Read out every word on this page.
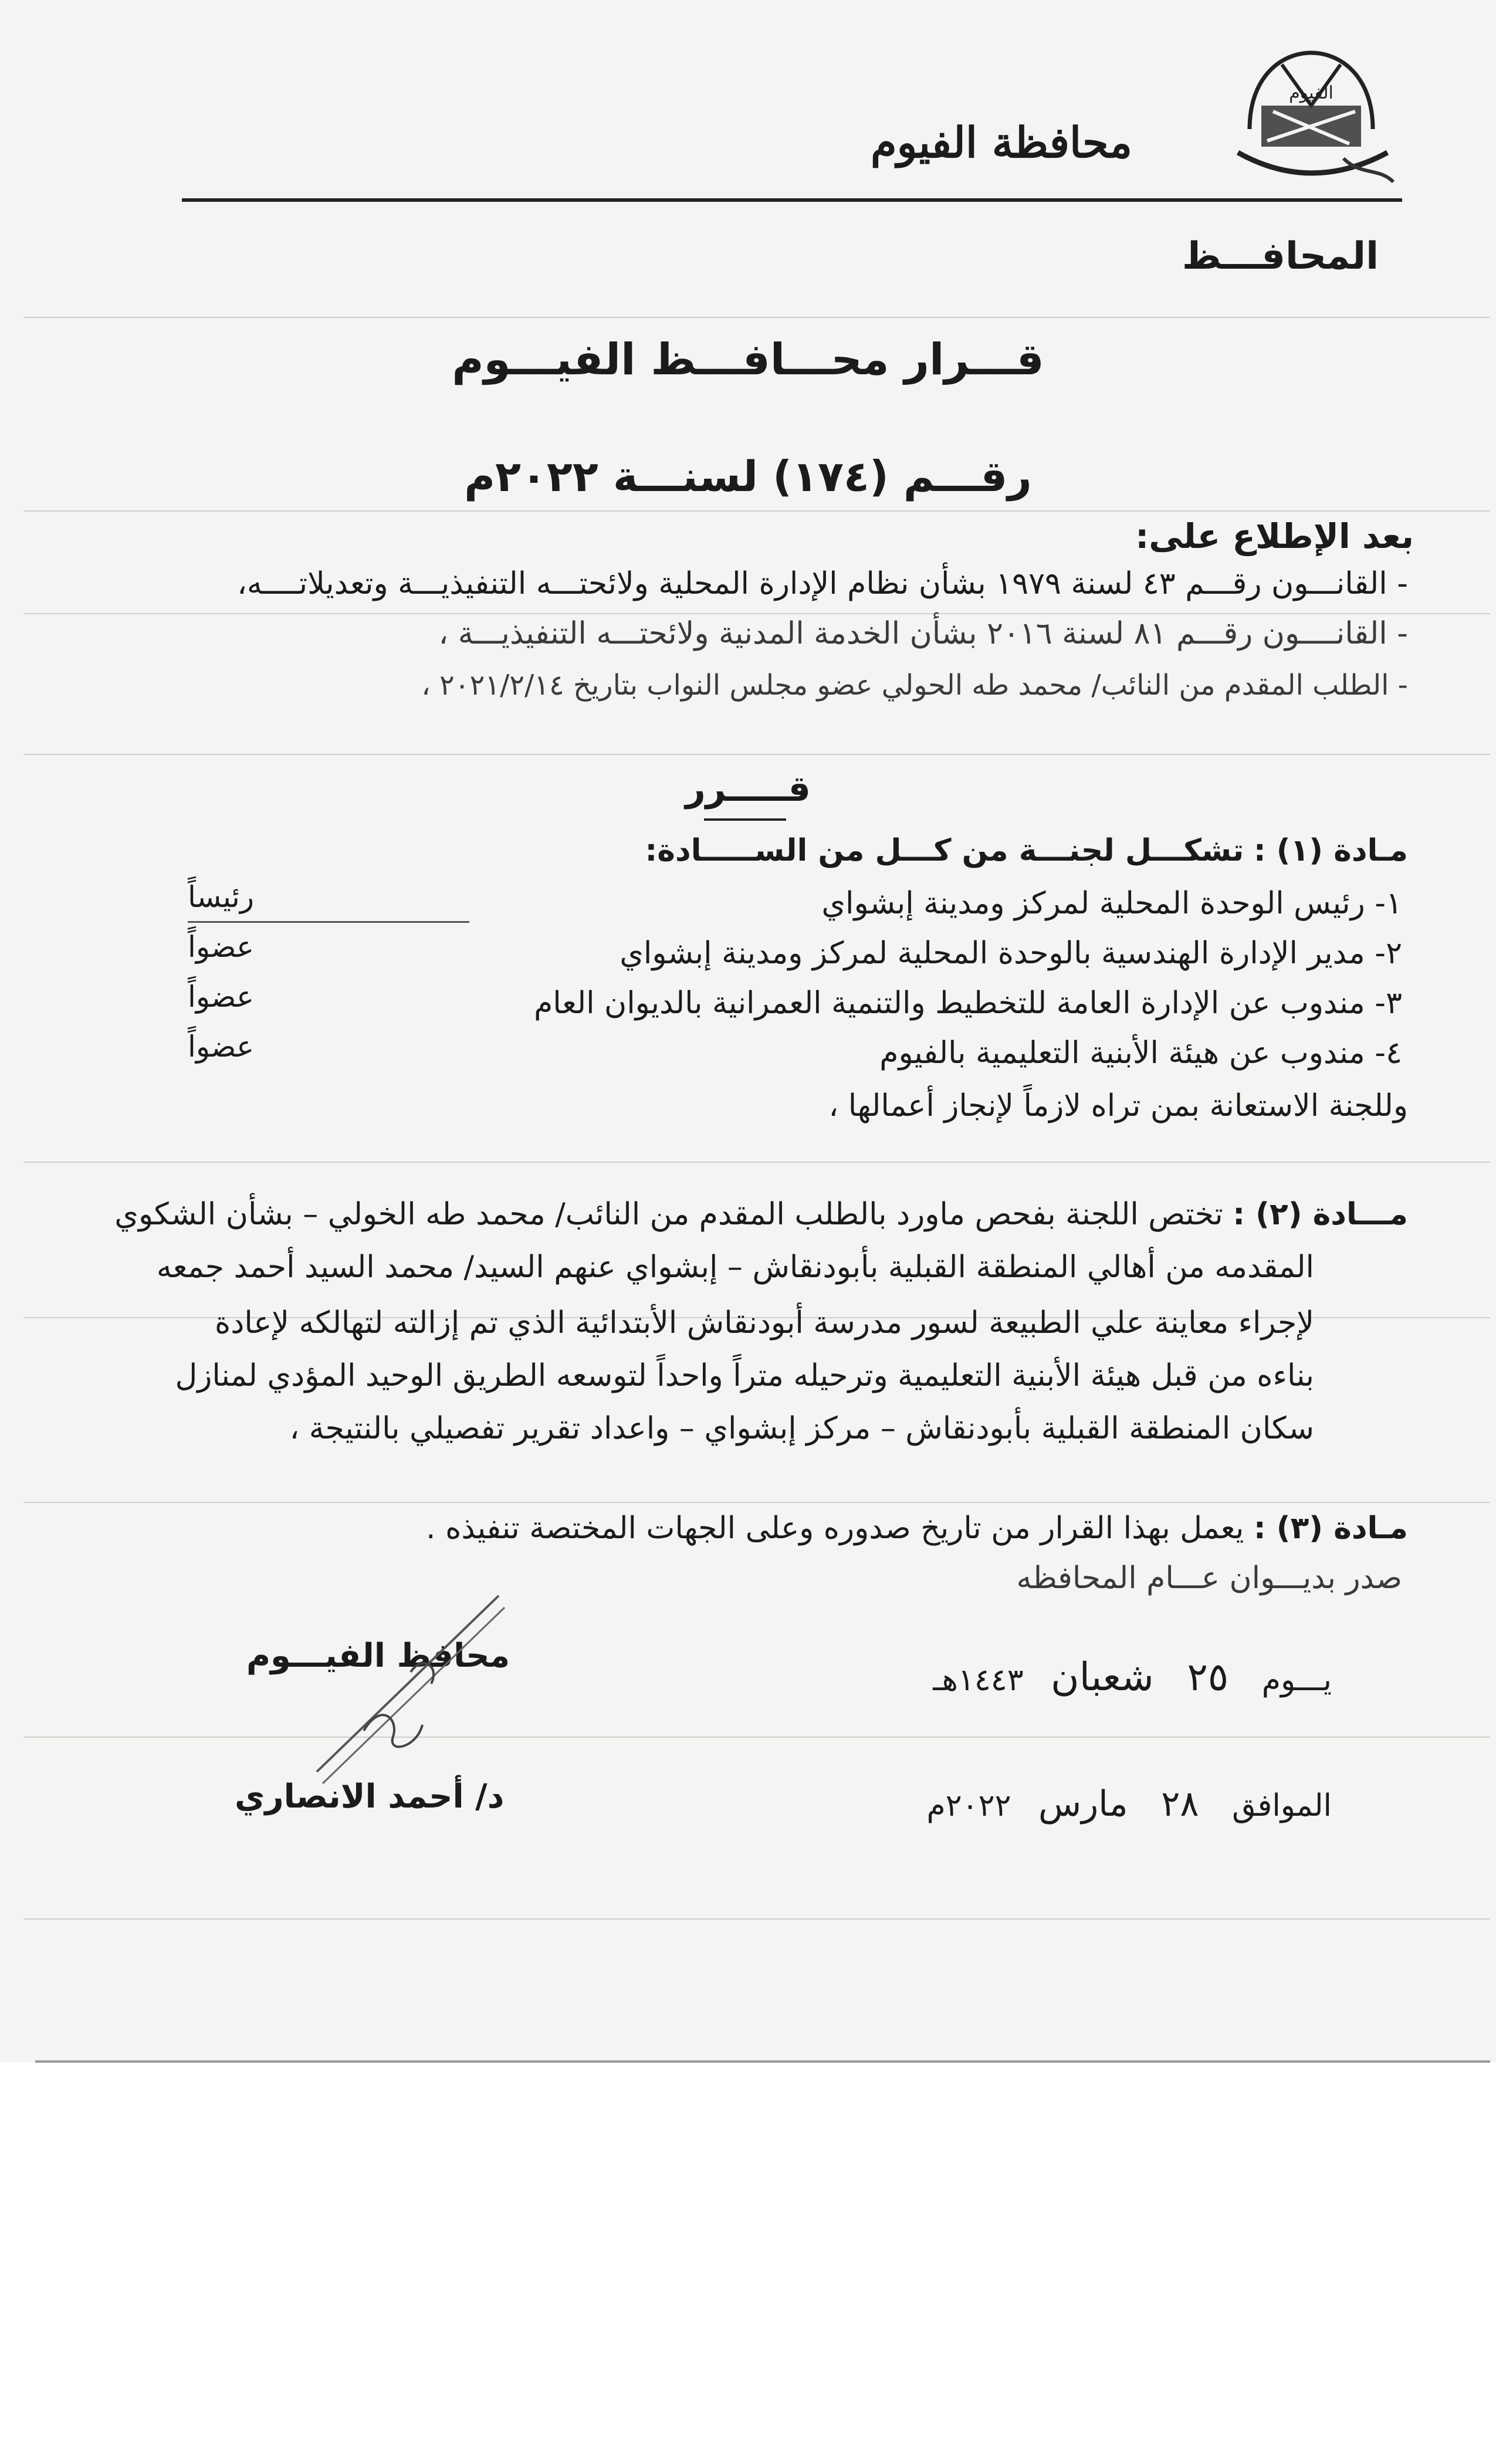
الفيوم
محافظة الفيوم
المحافـــظ
قـــرار محـــافـــظ الفيـــوم
رقـــم (١٧٤) لسنـــة ٢٠٢٢م
بعد الإطلاع على:
- القانـــون رقـــم ٤٣ لسنة ١٩٧٩ بشأن نظام الإدارة المحلية ولائحتـــه التنفيذيـــة وتعديلاتــــه،
- القانــــون رقـــم ٨١ لسنة ٢٠١٦ بشأن الخدمة المدنية ولائحتـــه التنفيذيـــة ،
- الطلب المقدم من النائب/ محمد طه الحولي عضو مجلس النواب بتاريخ ٢٠٢١/٢/١٤ ،
قـــــرر
مـادة (١) : تشكـــل لجنـــة من كـــل من الســـــادة:
١- رئيس الوحدة المحلية لمركز ومدينة إبشواي
رئيساً
٢- مدير الإدارة الهندسية بالوحدة المحلية لمركز ومدينة إبشواي
عضواً
٣- مندوب عن الإدارة العامة للتخطيط والتنمية العمرانية بالديوان العام
عضواً
٤- مندوب عن هيئة الأبنية التعليمية بالفيوم
عضواً
وللجنة الاستعانة بمن تراه لازماً لإنجاز أعمالها ،
مـــادة (٢) : تختص اللجنة بفحص ماورد بالطلب المقدم من النائب/ محمد طه الخولي – بشأن الشكوي
المقدمه من أهالي المنطقة القبلية بأبودنقاش – إبشواي عنهم السيد/ محمد السيد أحمد جمعه
لإجراء معاينة علي الطبيعة لسور مدرسة أبودنقاش الأبتدائية الذي تم إزالته لتهالكه لإعادة
بناءه من قبل هيئة الأبنية التعليمية وترحيله متراً واحداً لتوسعه الطريق الوحيد المؤدي لمنازل
سكان المنطقة القبلية بأبودنقاش – مركز إبشواي – واعداد تقرير تفصيلي بالنتيجة ،
مـادة (٣) : يعمل بهذا القرار من تاريخ صدوره وعلى الجهات المختصة تنفيذه .
صدر بديـــوان عـــام المحافظه
يـــوم ٢٥ شعبان ١٤٤٣هـ
الموافق ٢٨ مارس ٢٠٢٢م
محافظ الفيـــوم
د/ أحمد الانصاري
